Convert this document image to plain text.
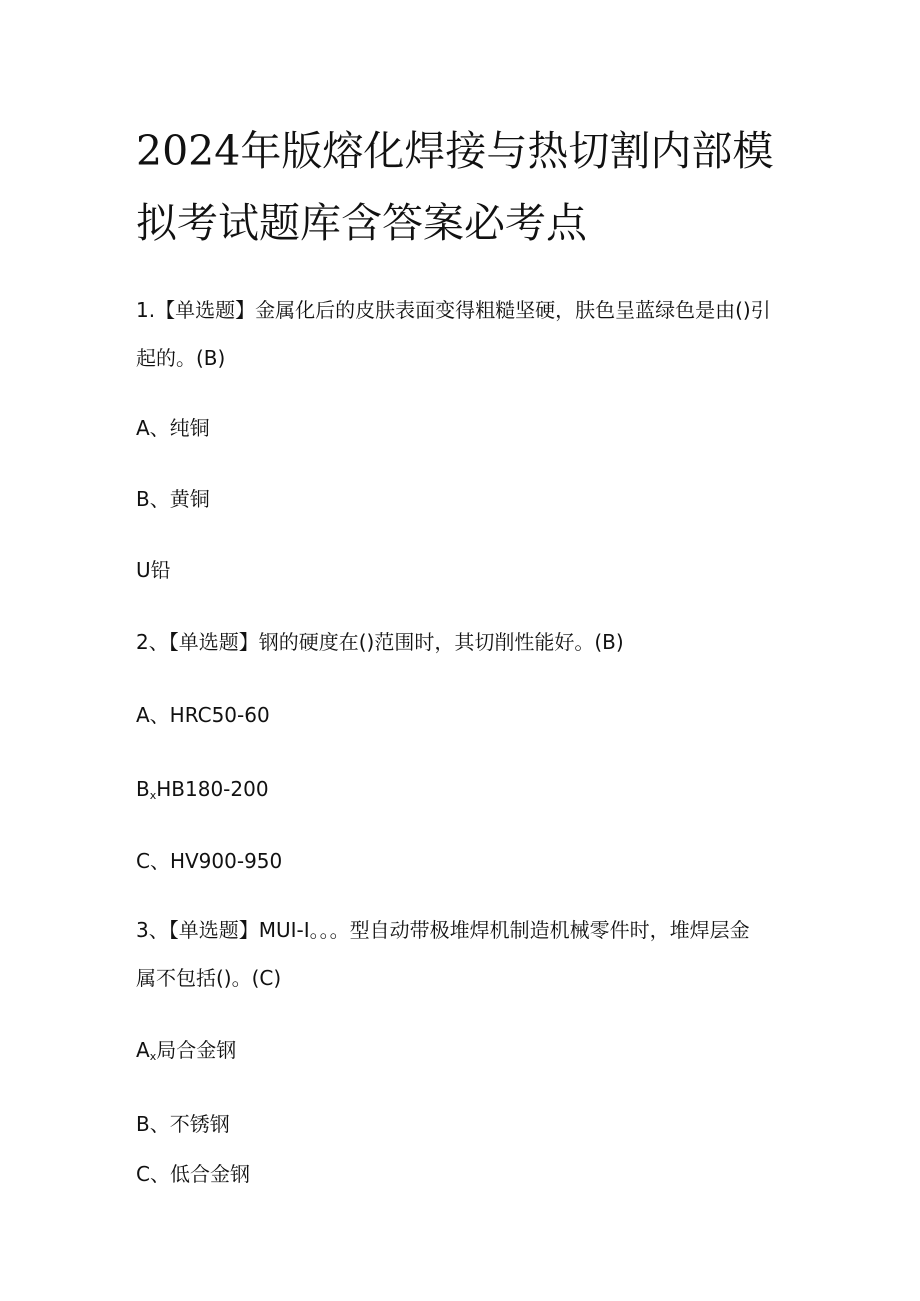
2024年版熔化焊接与热切割内部模
拟考试题库含答案必考点
1.【单选题】金属化后的皮肤表面变得粗糙坚硬，肤色呈蓝绿色是由()引
起的。(B)
A、纯铜
B、黄铜
U铅
2、【单选题】钢的硬度在()范围时，其切削性能好。(B)
A、HRC50-60
$B_xHB180-200$
C、HV900-950
3、【单选题】MUI-I。。。型自动带极堆焊机制造机械零件时，堆焊层金
属不包括()。(C)
$A_x$局合金钢
B、不锈钢
C、低合金钢
